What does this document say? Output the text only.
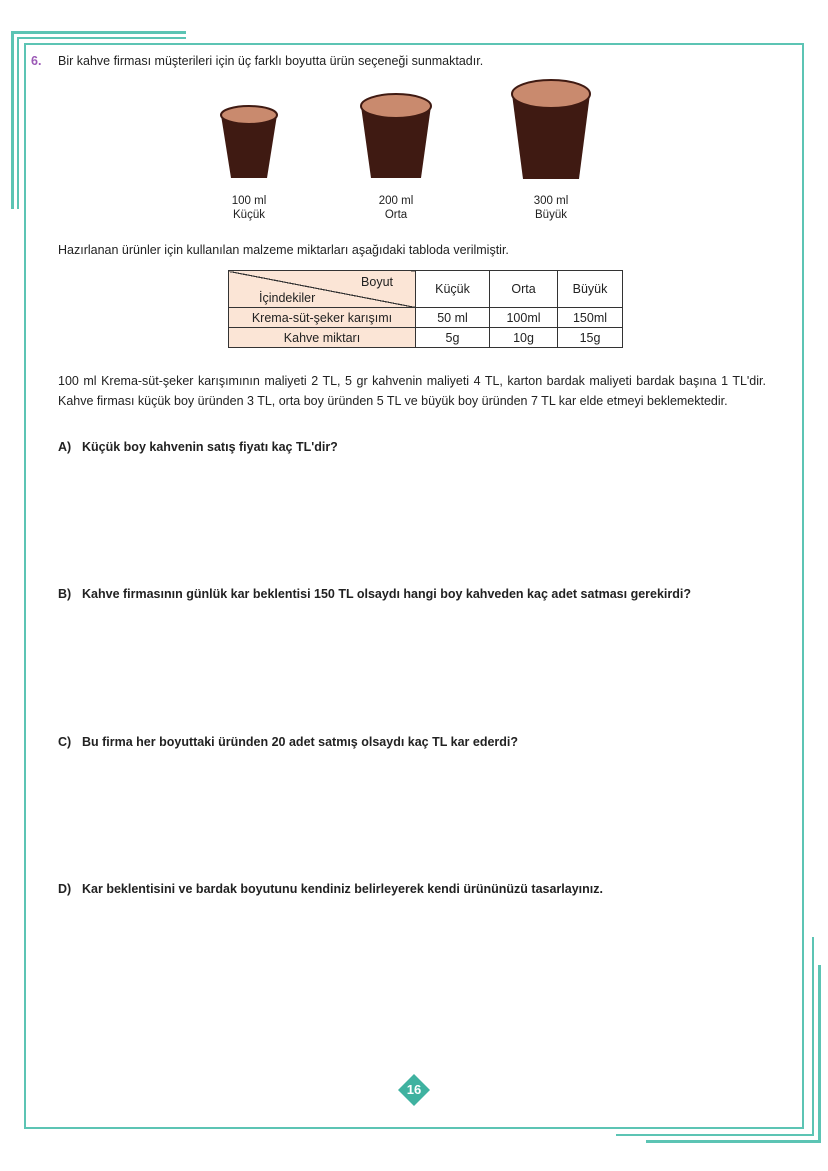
6. Bir kahve firması müşterileri için üç farklı boyutta ürün seçeneği sunmaktadır.
100 ml
Küçük
200 ml
Orta
300 ml
Büyük
Hazırlanan ürünler için kullanılan malzeme miktarları aşağıdaki tabloda verilmiştir.
Boyut
İçindekiler	Küçük	Orta	Büyük
Krema-süt-şeker karışımı	50 ml	100ml	150ml
Kahve miktarı	5g	10g	15g
100 ml Krema-süt-şeker karışımının maliyeti 2 TL, 5 gr kahvenin maliyeti 4 TL, karton bardak maliyeti bardak başına 1 TL'dir. Kahve firması küçük boy üründen 3 TL, orta boy üründen 5 TL ve büyük boy üründen 7 TL kar elde etmeyi beklemektedir.
A) Küçük boy kahvenin satış fiyatı kaç TL'dir?
B) Kahve firmasının günlük kar beklentisi 150 TL olsaydı hangi boy kahveden kaç adet satması gerekirdi?
C) Bu firma her boyuttaki üründen 20 adet satmış olsaydı kaç TL kar ederdi?
D) Kar beklentisini ve bardak boyutunu kendiniz belirleyerek kendi ürününüzü tasarlayınız.
16
